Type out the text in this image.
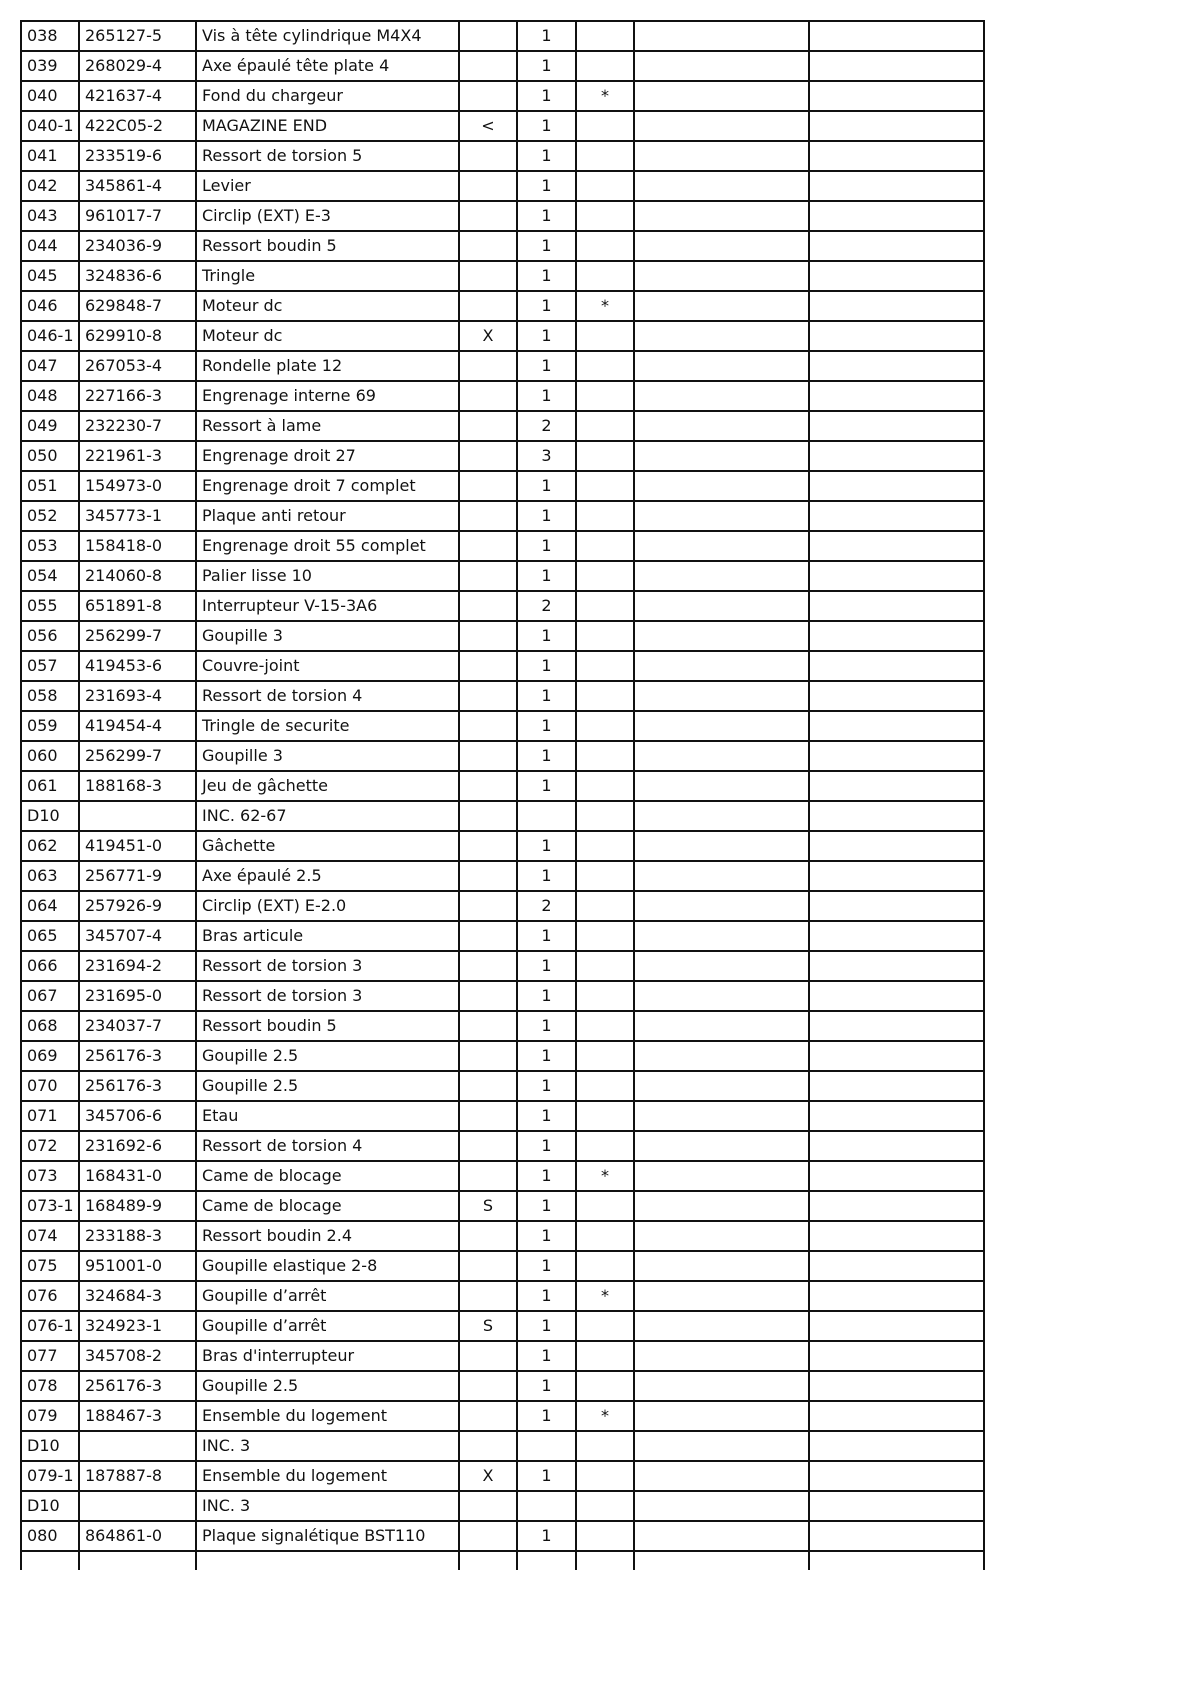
038	265127-5	Vis à tête cylindrique M4X4		1			
039	268029-4	Axe épaulé tête plate 4		1			
040	421637-4	Fond du chargeur		1	*		
040-1	422C05-2	MAGAZINE END	<	1			
041	233519-6	Ressort de torsion 5		1			
042	345861-4	Levier		1			
043	961017-7	Circlip (EXT) E-3		1			
044	234036-9	Ressort boudin 5		1			
045	324836-6	Tringle		1			
046	629848-7	Moteur dc		1	*		
046-1	629910-8	Moteur dc	X	1			
047	267053-4	Rondelle plate 12		1			
048	227166-3	Engrenage interne 69		1			
049	232230-7	Ressort à lame		2			
050	221961-3	Engrenage droit 27		3			
051	154973-0	Engrenage droit 7 complet		1			
052	345773-1	Plaque anti retour		1			
053	158418-0	Engrenage droit 55 complet		1			
054	214060-8	Palier lisse 10		1			
055	651891-8	Interrupteur V-15-3A6		2			
056	256299-7	Goupille 3		1			
057	419453-6	Couvre-joint		1			
058	231693-4	Ressort de torsion 4		1			
059	419454-4	Tringle de securite		1			
060	256299-7	Goupille 3		1			
061	188168-3	Jeu de gâchette		1			
D10		INC. 62-67					
062	419451-0	Gâchette		1			
063	256771-9	Axe épaulé 2.5		1			
064	257926-9	Circlip (EXT) E-2.0		2			
065	345707-4	Bras articule		1			
066	231694-2	Ressort de torsion 3		1			
067	231695-0	Ressort de torsion 3		1			
068	234037-7	Ressort boudin 5		1			
069	256176-3	Goupille 2.5		1			
070	256176-3	Goupille 2.5		1			
071	345706-6	Etau		1			
072	231692-6	Ressort de torsion 4		1			
073	168431-0	Came de blocage		1	*		
073-1	168489-9	Came de blocage	S	1			
074	233188-3	Ressort boudin 2.4		1			
075	951001-0	Goupille elastique 2-8		1			
076	324684-3	Goupille d’arrêt		1	*		
076-1	324923-1	Goupille d’arrêt	S	1			
077	345708-2	Bras d'interrupteur		1			
078	256176-3	Goupille 2.5		1			
079	188467-3	Ensemble du logement		1	*		
D10		INC. 3					
079-1	187887-8	Ensemble du logement	X	1			
D10		INC. 3					
080	864861-0	Plaque signalétique BST110		1			
